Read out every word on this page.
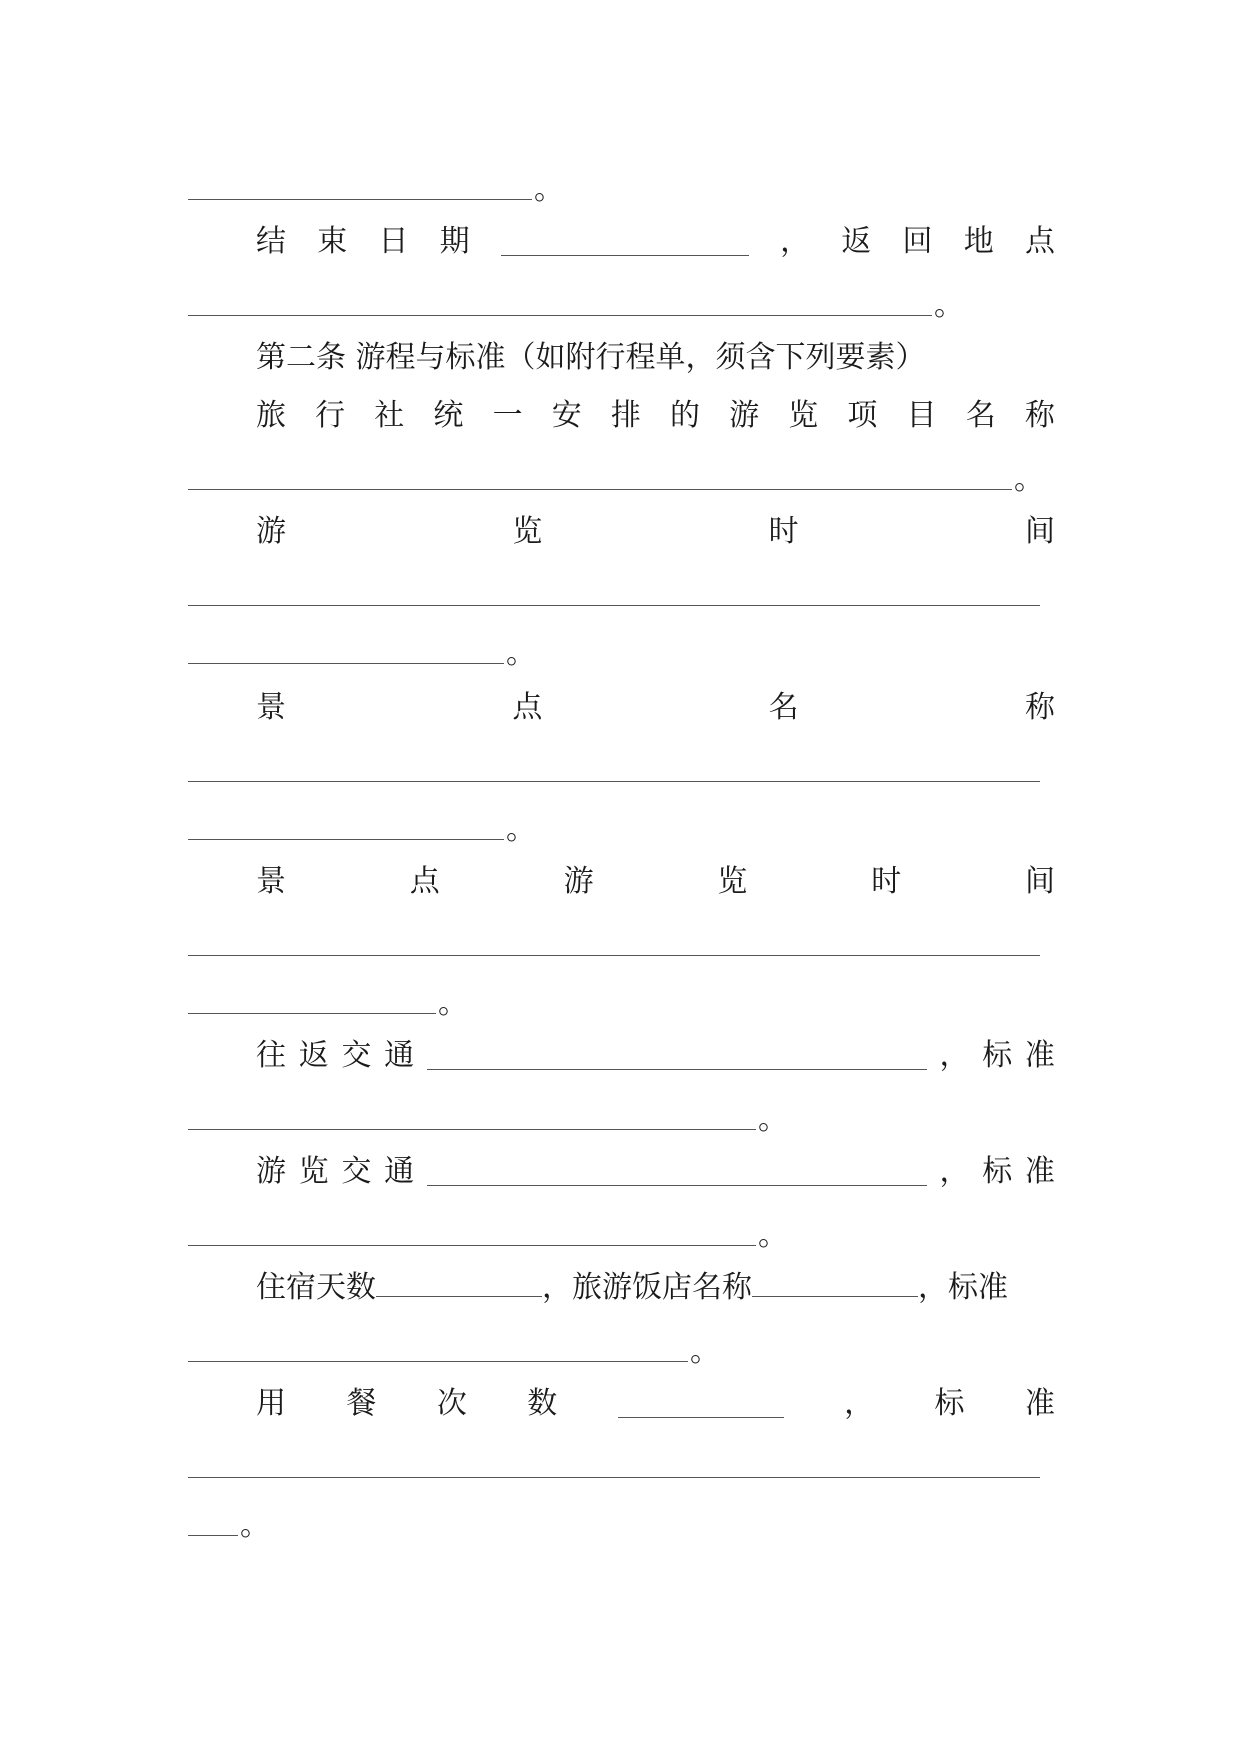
。
结 束 日 期	， 返 回 地 点
。
第二条 游程与标准（如附行程单，须含下列要素）
旅 行 社 统 一 安 排 的 游 览 项 目 名 称
。
游	览	时	间
。
景	点	名	称
。
景	点	游	览	时	间
。
往 返 交 通	， 标 准
。
游 览 交 通	， 标 准
。
住宿天数	，旅游饭店名称	，标准
。
用 餐 次 数	， 标 准
。
